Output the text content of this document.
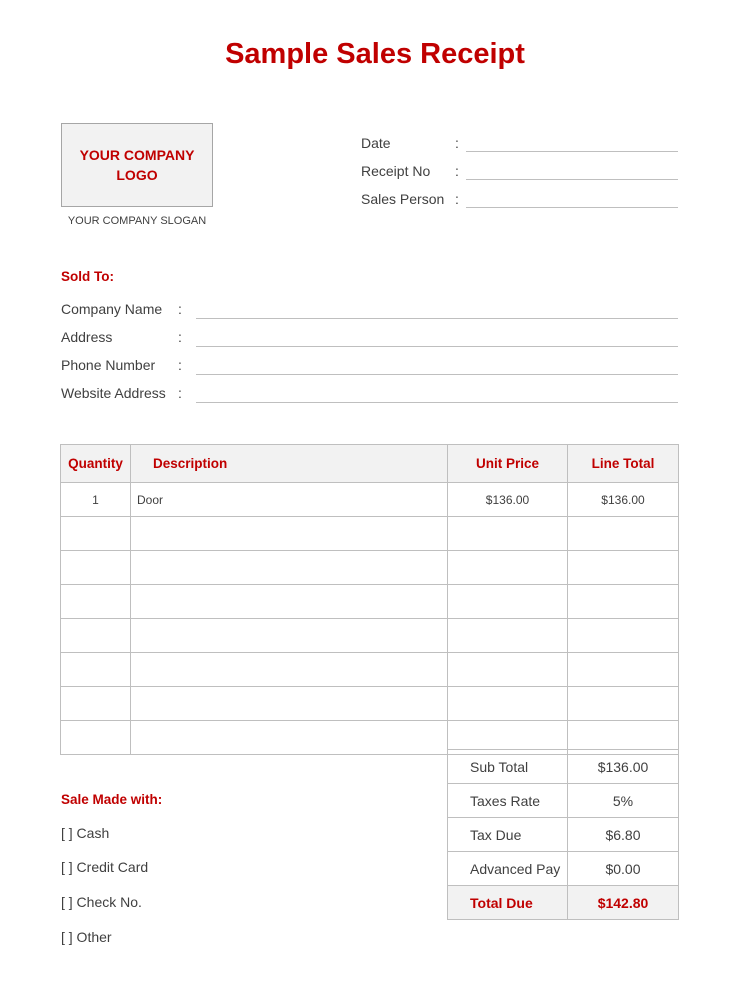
Sample Sales Receipt
YOUR COMPANY
LOGO
YOUR COMPANY SLOGAN
Date	:
Receipt No :
Sales Person :
Sold To:
Company Name :
Address	:
Phone Number :
Website Address :
Quantity	Description	Unit Price	Line Total
1	Door	$136.00	$136.00

Sub Total	$136.00
Taxes Rate	5%
Tax Due	$6.80
Advanced Pay	$0.00
Total Due	$142.80
Sale Made with:
[ ] Cash
[ ] Credit Card
[ ] Check No.
[ ] Other
